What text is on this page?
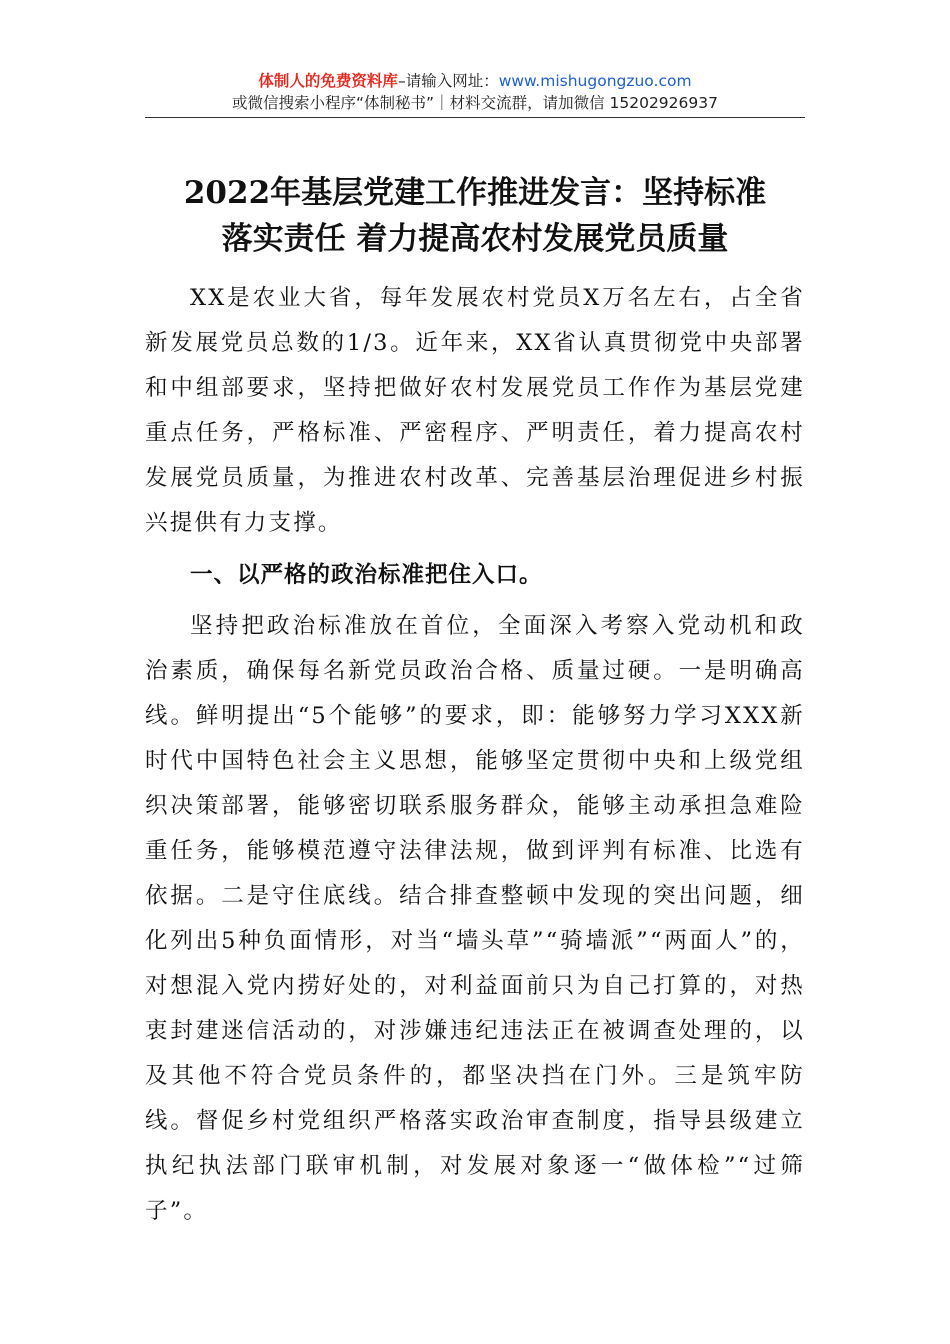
体制人的免费资料库–请输入网址：www.mishugongzuo.com
或微信搜索小程序“体制秘书”｜材料交流群，请加微信 15202926937
2022年基层党建工作推进发言：坚持标准
落实责任 着力提高农村发展党员质量

XX是农业大省，每年发展农村党员X万名左右，占全省新发展党员总数的1/3。近年来，XX省认真贯彻党中央部署和中组部要求，坚持把做好农村发展党员工作作为基层党建重点任务，严格标准、严密程序、严明责任，着力提高农村发展党员质量，为推进农村改革、完善基层治理促进乡村振兴提供有力支撑。

一、以严格的政治标准把住入口。

坚持把政治标准放在首位，全面深入考察入党动机和政治素质，确保每名新党员政治合格、质量过硬。一是明确高线。鲜明提出“5个能够”的要求，即：能够努力学习XXX新时代中国特色社会主义思想，能够坚定贯彻中央和上级党组织决策部署，能够密切联系服务群众，能够主动承担急难险重任务，能够模范遵守法律法规，做到评判有标准、比选有依据。二是守住底线。结合排查整顿中发现的突出问题，细化列出5种负面情形，对当“墙头草”“骑墙派”“两面人”的，对想混入党内捞好处的，对利益面前只为自己打算的，对热衷封建迷信活动的，对涉嫌违纪违法正在被调查处理的，以及其他不符合党员条件的，都坚决挡在门外。三是筑牢防线。督促乡村党组织严格落实政治审查制度，指导县级建立执纪执法部门联审机制，对发展对象逐一“做体检”“过筛子”。
